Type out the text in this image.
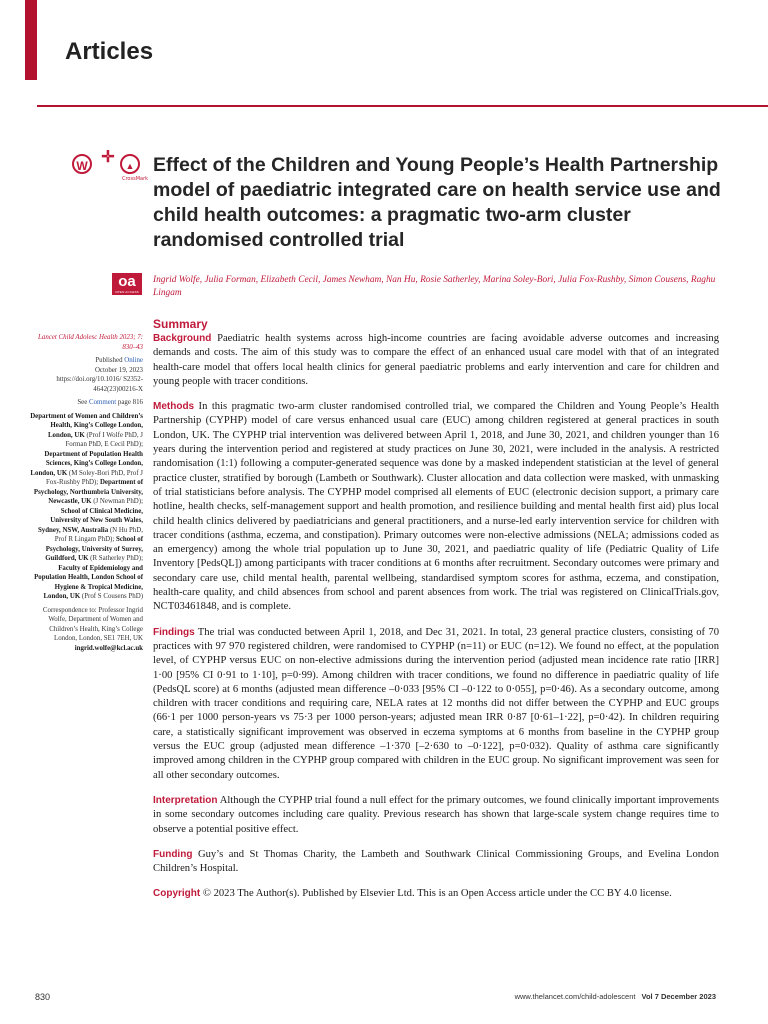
Articles
W ✛	▲
CrossMark
Effect of the Children and Young People’s Health Partnership model of paediatric integrated care on health service use and child health outcomes: a pragmatic two-arm cluster randomised controlled trial
oa
OPEN ACCESS
Ingrid Wolfe, Julia Forman, Elizabeth Cecil, James Newham, Nan Hu, Rosie Satherley, Marina Soley-Bori, Julia Fox-Rushby, Simon Cousens, Raghu Lingam

Lancet Child Adolesc Health 2023; 7: 830–43

Published Online
October 19, 2023
https://doi.org/10.1016/ S2352-4642(23)00216-X

See Comment page 816

Department of Women and Children’s Health, King’s College London, London, UK (Prof I Wolfe PhD, J Forman PhD, E Cecil PhD); Department of Population Health Sciences, King’s College London, London, UK (M Soley-Bori PhD, Prof J Fox-Rushby PhD); Department of Psychology, Northumbria University, Newcastle, UK (J Newman PhD); School of Clinical Medicine, University of New South Wales, Sydney, NSW, Australia (N Hu PhD, Prof R Lingam PhD); School of Psychology, University of Surrey, Guildford, UK (R Satherley PhD); Faculty of Epidemiology and Population Health, London School of Hygiene & Tropical Medicine, London, UK (Prof S Cousens PhD)

Correspondence to: Professor Ingrid Wolfe, Department of Women and Children’s Health, King’s College London, London, SE1 7EH, UK
ingrid.wolfe@kcl.ac.uk

Summary

Background Paediatric health systems across high-income countries are facing avoidable adverse outcomes and increasing demands and costs. The aim of this study was to compare the effect of an enhanced usual care model with that of an integrated health-care model that offers local health clinics for general paediatric problems and early intervention and care for children and young people with tracer conditions.

Methods In this pragmatic two-arm cluster randomised controlled trial, we compared the Children and Young People’s Health Partnership (CYPHP) model of care versus enhanced usual care (EUC) among children registered at general practices in south London, UK. The CYPHP trial intervention was delivered between April 1, 2018, and June 30, 2021, and children younger than 16 years during the intervention period and registered at study practices on June 30, 2021, were included in the analysis. A restricted randomisation (1:1) following a computer-generated sequence was done by a masked independent statistician at the level of general practice cluster, stratified by borough (Lambeth or Southwark). Cluster allocation and data collection were masked, with unmasking of trial statisticians before analysis. The CYPHP model comprised all elements of EUC (electronic decision support, a primary care hotline, health checks, self-management support and health promotion, and resilience building and mental health first aid) plus local child health clinics delivered by paediatricians and general practitioners, and a nurse-led early intervention service for children with tracer conditions (asthma, eczema, and constipation). Primary outcomes were non-elective admissions (NELA; admissions coded as an emergency) among the whole trial population up to June 30, 2021, and paediatric quality of life (Pediatric Quality of Life Inventory [PedsQL]) among participants with tracer conditions at 6 months after recruitment. Secondary outcomes were primary and secondary care use, child mental health, parental wellbeing, standardised symptom scores for asthma, eczema, and constipation, health-care quality, and child absences from school and parent absences from work. The trial was registered on ClinicalTrials.gov, NCT03461848, and is complete.

Findings The trial was conducted between April 1, 2018, and Dec 31, 2021. In total, 23 general practice clusters, consisting of 70 practices with 97 970 registered children, were randomised to CYPHP (n=11) or EUC (n=12). We found no effect, at the population level, of CYPHP versus EUC on non-elective admissions during the intervention period (adjusted mean incidence rate ratio [IRR] 1·00 [95% CI 0·91 to 1·10], p=0·99). Among children with tracer conditions, we found no difference in paediatric quality of life (PedsQL score) at 6 months (adjusted mean difference –0·033 [95% CI –0·122 to 0·055], p=0·46). As a secondary outcome, among children with tracer conditions and requiring care, NELA rates at 12 months did not differ between the CYPHP and EUC groups (66·1 per 1000 person-years vs 75·3 per 1000 person-years; adjusted mean IRR 0·87 [0·61–1·22], p=0·42). In children requiring care, a statistically significant improvement was observed in eczema symptoms at 6 months from baseline in the CYPHP group versus the EUC group (adjusted mean difference –1·370 [–2·630 to –0·122], p=0·032). Quality of asthma care significantly improved among children in the CYPHP group compared with children in the EUC group. No significant improvement was seen for all other secondary outcomes.

Interpretation Although the CYPHP trial found a null effect for the primary outcomes, we found clinically important improvements in some secondary outcomes including care quality. Previous research has shown that large-scale system change requires time to observe a potential positive effect.

Funding Guy’s and St Thomas Charity, the Lambeth and Southwark Clinical Commissioning Groups, and Evelina London Children’s Hospital.

Copyright © 2023 The Author(s). Published by Elsevier Ltd. This is an Open Access article under the CC BY 4.0 license.

830	www.thelancet.com/child-adolescent Vol 7 December 2023
